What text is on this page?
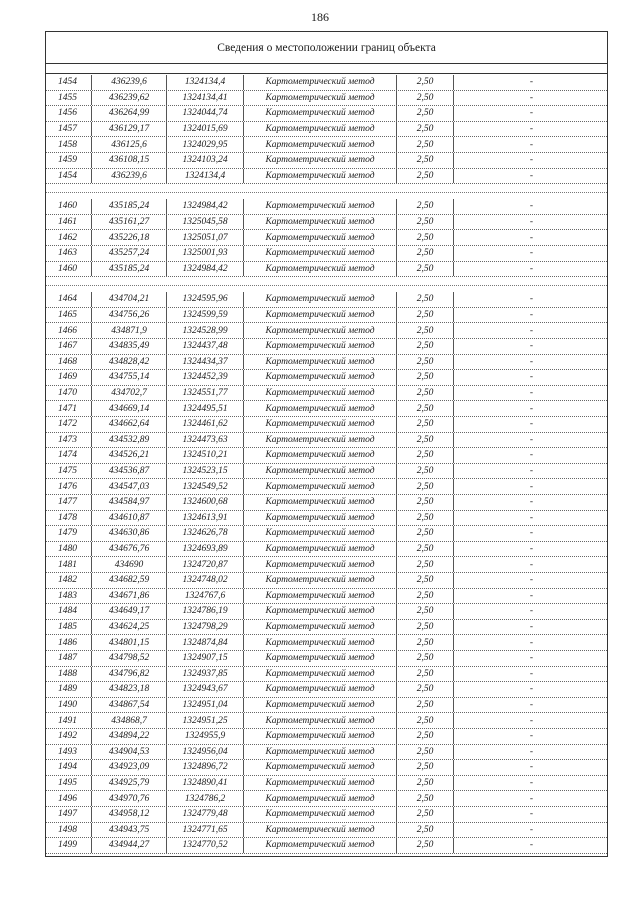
186
Сведения о местоположении границ объекта
1454	436239,6	1324134,4	Картометрический метод	2,50	-
1455	436239,62	1324134,41	Картометрический метод	2,50	-
1456	436264,99	1324044,74	Картометрический метод	2,50	-
1457	436129,17	1324015,69	Картометрический метод	2,50	-
1458	436125,6	1324029,95	Картометрический метод	2,50	-
1459	436108,15	1324103,24	Картометрический метод	2,50	-
1454	436239,6	1324134,4	Картометрический метод	2,50	-
1460	435185,24	1324984,42	Картометрический метод	2,50	-
1461	435161,27	1325045,58	Картометрический метод	2,50	-
1462	435226,18	1325051,07	Картометрический метод	2,50	-
1463	435257,24	1325001,93	Картометрический метод	2,50	-
1460	435185,24	1324984,42	Картометрический метод	2,50	-
1464	434704,21	1324595,96	Картометрический метод	2,50	-
1465	434756,26	1324599,59	Картометрический метод	2,50	-
1466	434871,9	1324528,99	Картометрический метод	2,50	-
1467	434835,49	1324437,48	Картометрический метод	2,50	-
1468	434828,42	1324434,37	Картометрический метод	2,50	-
1469	434755,14	1324452,39	Картометрический метод	2,50	-
1470	434702,7	1324551,77	Картометрический метод	2,50	-
1471	434669,14	1324495,51	Картометрический метод	2,50	-
1472	434662,64	1324461,62	Картометрический метод	2,50	-
1473	434532,89	1324473,63	Картометрический метод	2,50	-
1474	434526,21	1324510,21	Картометрический метод	2,50	-
1475	434536,87	1324523,15	Картометрический метод	2,50	-
1476	434547,03	1324549,52	Картометрический метод	2,50	-
1477	434584,97	1324600,68	Картометрический метод	2,50	-
1478	434610,87	1324613,91	Картометрический метод	2,50	-
1479	434630,86	1324626,78	Картометрический метод	2,50	-
1480	434676,76	1324693,89	Картометрический метод	2,50	-
1481	434690	1324720,87	Картометрический метод	2,50	-
1482	434682,59	1324748,02	Картометрический метод	2,50	-
1483	434671,86	1324767,6	Картометрический метод	2,50	-
1484	434649,17	1324786,19	Картометрический метод	2,50	-
1485	434624,25	1324798,29	Картометрический метод	2,50	-
1486	434801,15	1324874,84	Картометрический метод	2,50	-
1487	434798,52	1324907,15	Картометрический метод	2,50	-
1488	434796,82	1324937,85	Картометрический метод	2,50	-
1489	434823,18	1324943,67	Картометрический метод	2,50	-
1490	434867,54	1324951,04	Картометрический метод	2,50	-
1491	434868,7	1324951,25	Картометрический метод	2,50	-
1492	434894,22	1324955,9	Картометрический метод	2,50	-
1493	434904,53	1324956,04	Картометрический метод	2,50	-
1494	434923,09	1324896,72	Картометрический метод	2,50	-
1495	434925,79	1324890,41	Картометрический метод	2,50	-
1496	434970,76	1324786,2	Картометрический метод	2,50	-
1497	434958,12	1324779,48	Картометрический метод	2,50	-
1498	434943,75	1324771,65	Картометрический метод	2,50	-
1499	434944,27	1324770,52	Картометрический метод	2,50	-
